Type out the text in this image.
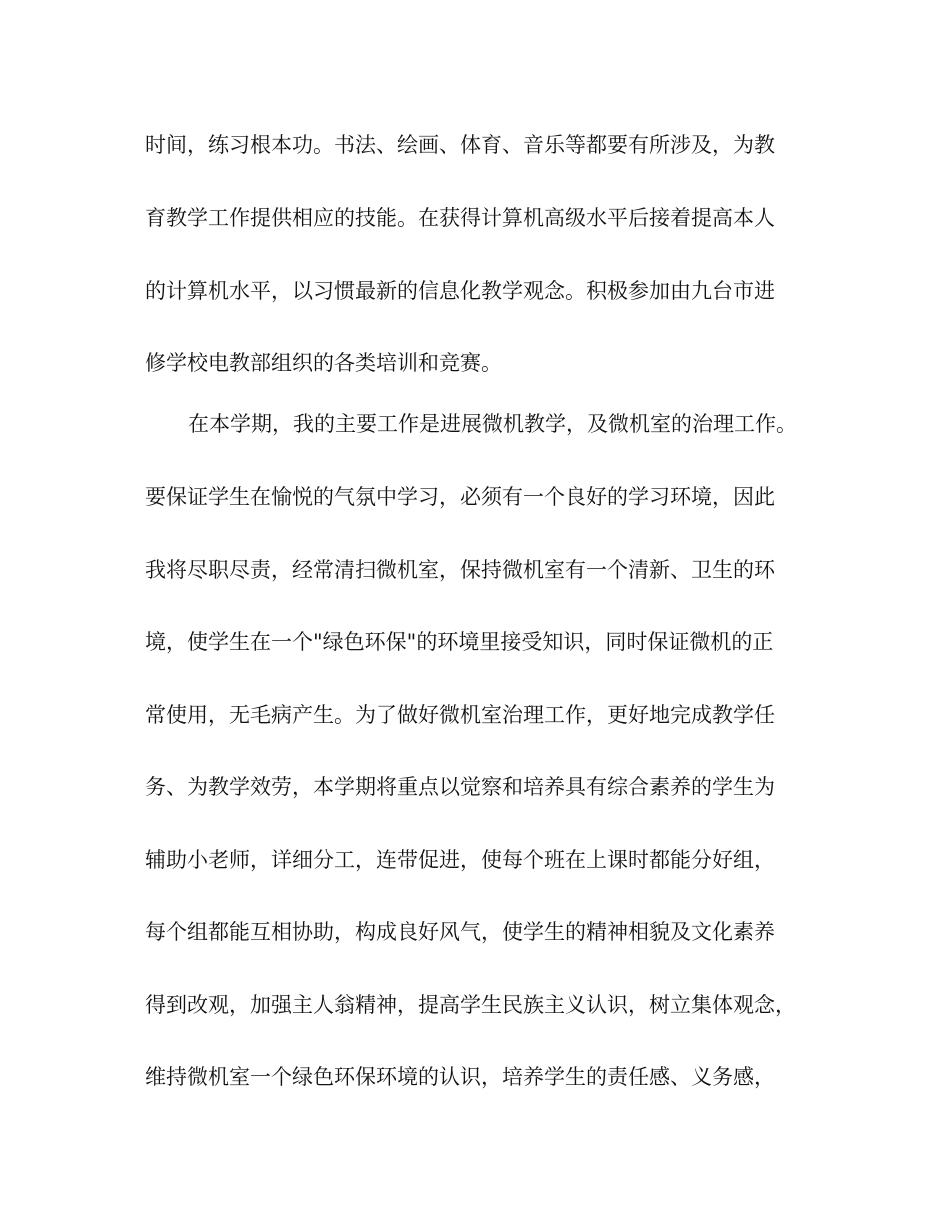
时间，练习根本功。书法、绘画、体育、音乐等都要有所涉及，为教

育教学工作提供相应的技能。在获得计算机高级水平后接着提高本人

的计算机水平，以习惯最新的信息化教学观念。积极参加由九台市进

修学校电教部组织的各类培训和竞赛。

在本学期，我的主要工作是进展微机教学，及微机室的治理工作。

要保证学生在愉悦的气氛中学习，必须有一个良好的学习环境，因此

我将尽职尽责，经常清扫微机室，保持微机室有一个清新、卫生的环

境，使学生在一个"绿色环保"的环境里接受知识，同时保证微机的正

常使用，无毛病产生。为了做好微机室治理工作，更好地完成教学任

务、为教学效劳，本学期将重点以觉察和培养具有综合素养的学生为

辅助小老师，详细分工，连带促进，使每个班在上课时都能分好组，

每个组都能互相协助，构成良好风气，使学生的精神相貌及文化素养

得到改观，加强主人翁精神，提高学生民族主义认识，树立集体观念，

维持微机室一个绿色环保环境的认识，培养学生的责任感、义务感，
